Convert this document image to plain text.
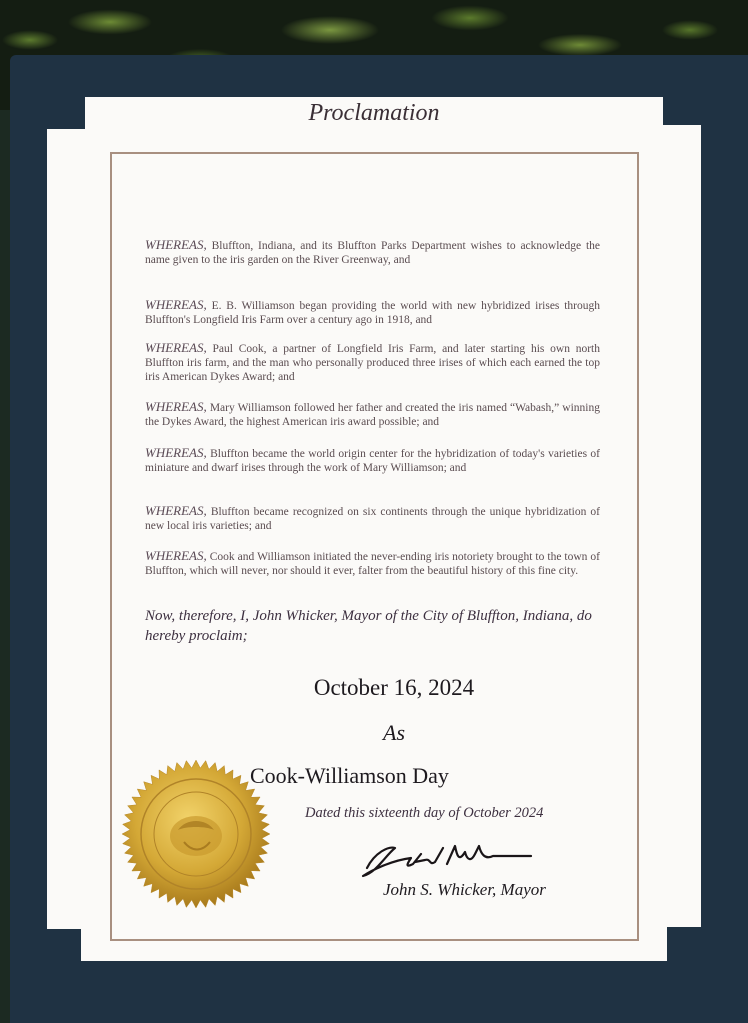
Proclamation
WHEREAS, Bluffton, Indiana, and its Bluffton Parks Department wishes to acknowledge the name given to the iris garden on the River Greenway, and
WHEREAS, E. B. Williamson began providing the world with new hybridized irises through Bluffton's Longfield Iris Farm over a century ago in 1918, and
WHEREAS, Paul Cook, a partner of Longfield Iris Farm, and later starting his own north Bluffton iris farm, and the man who personally produced three irises of which each earned the top iris American Dykes Award; and
WHEREAS, Mary Williamson followed her father and created the iris named “Wabash,” winning the Dykes Award, the highest American iris award possible; and
WHEREAS, Bluffton became the world origin center for the hybridization of today's varieties of miniature and dwarf irises through the work of Mary Williamson; and
WHEREAS, Bluffton became recognized on six continents through the unique hybridization of new local iris varieties; and
WHEREAS, Cook and Williamson initiated the never-ending iris notoriety brought to the town of Bluffton, which will never, nor should it ever, falter from the beautiful history of this fine city.
Now, therefore, I, John Whicker, Mayor of the City of Bluffton, Indiana, do hereby proclaim;
October 16, 2024
As
Cook-Williamson Day
Dated this sixteenth day of October 2024
John S. Whicker, Mayor
